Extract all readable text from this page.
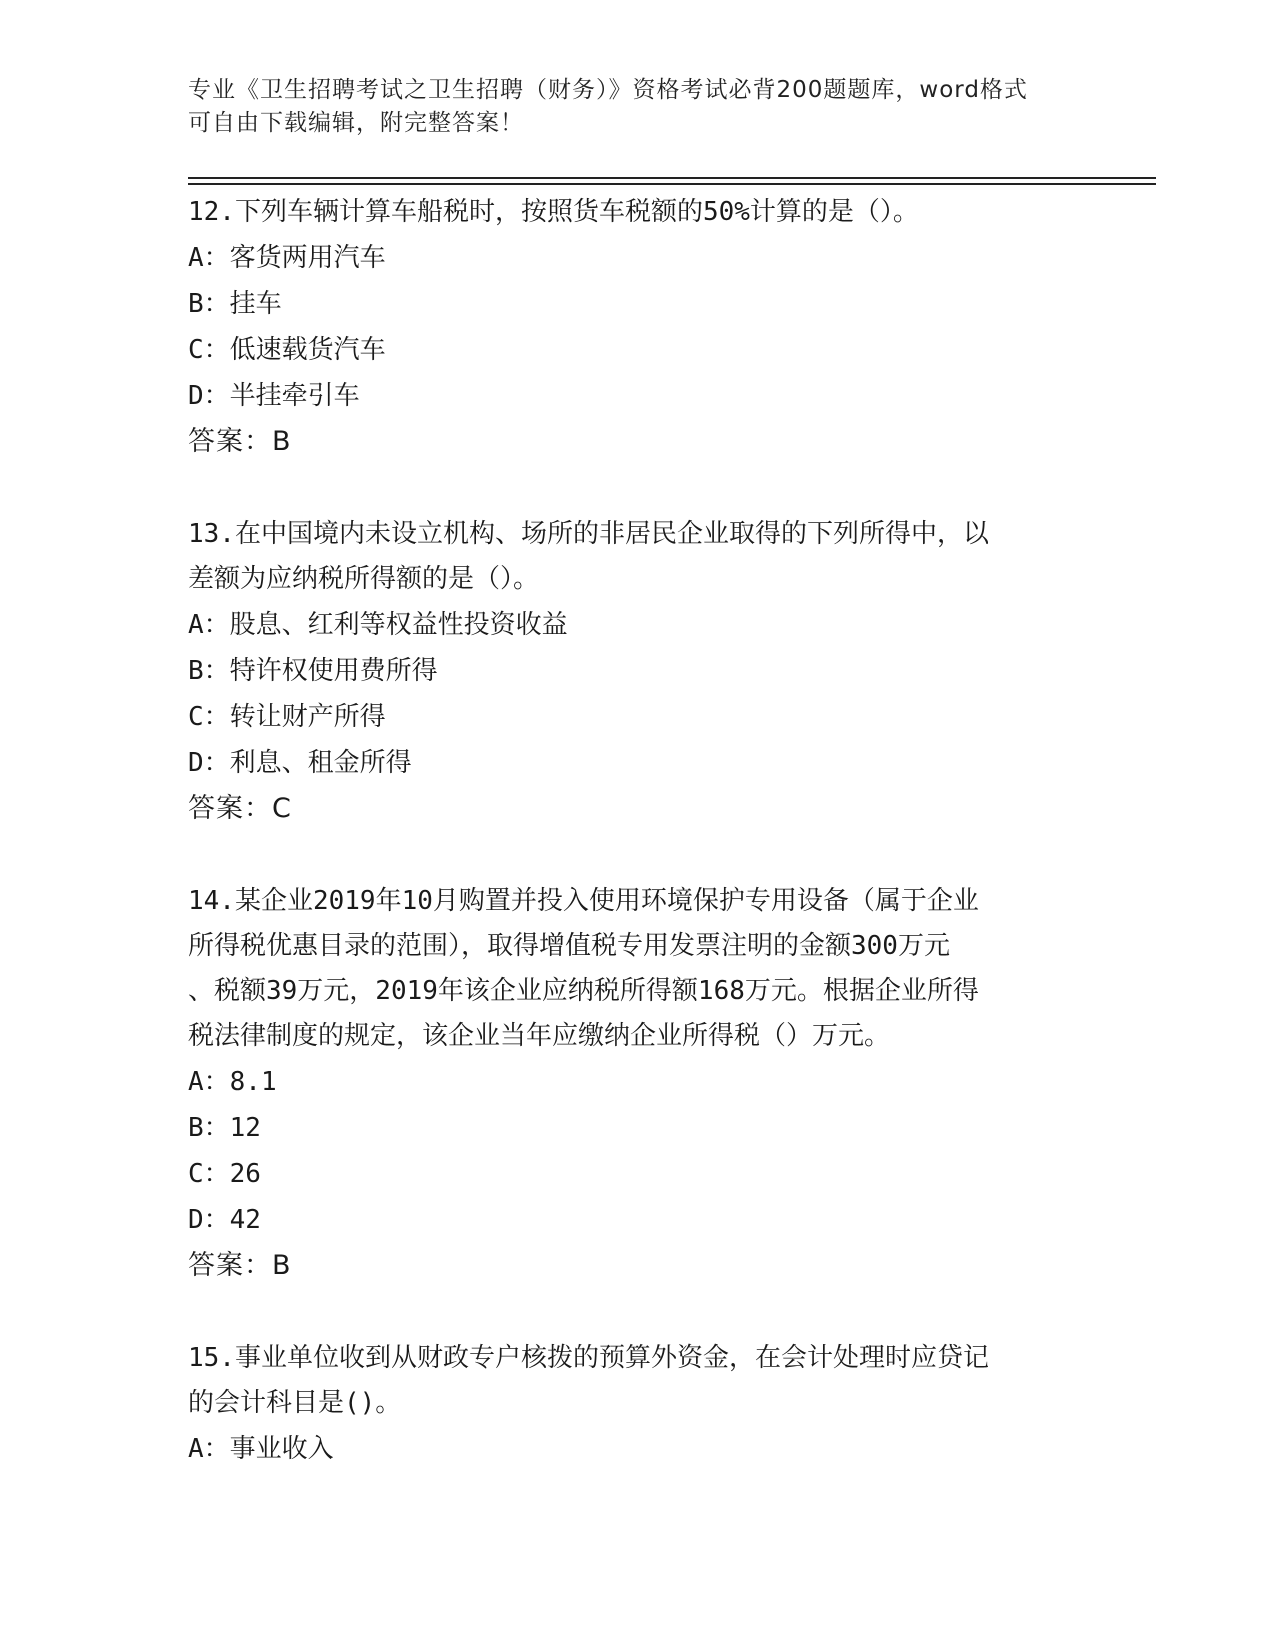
专业《卫生招聘考试之卫生招聘（财务）》资格考试必背200题题库，word格式
可自由下载编辑，附完整答案！

12.下列车辆计算车船税时，按照货车税额的50%计算的是（）。

A：客货两用汽车

B：挂车

C：低速载货汽车

D：半挂牵引车

答案：B

13.在中国境内未设立机构、场所的非居民企业取得的下列所得中，以

差额为应纳税所得额的是（）。

A：股息、红利等权益性投资收益

B：特许权使用费所得

C：转让财产所得

D：利息、租金所得

答案：C

14.某企业2019年10月购置并投入使用环境保护专用设备（属于企业

所得税优惠目录的范围），取得增值税专用发票注明的金额300万元

、税额39万元，2019年该企业应纳税所得额168万元。根据企业所得

税法律制度的规定，该企业当年应缴纳企业所得税（）万元。

A：8.1

B：12

C：26

D：42

答案：B

15.事业单位收到从财政专户核拨的预算外资金，在会计处理时应贷记

的会计科目是()。

A：事业收入
